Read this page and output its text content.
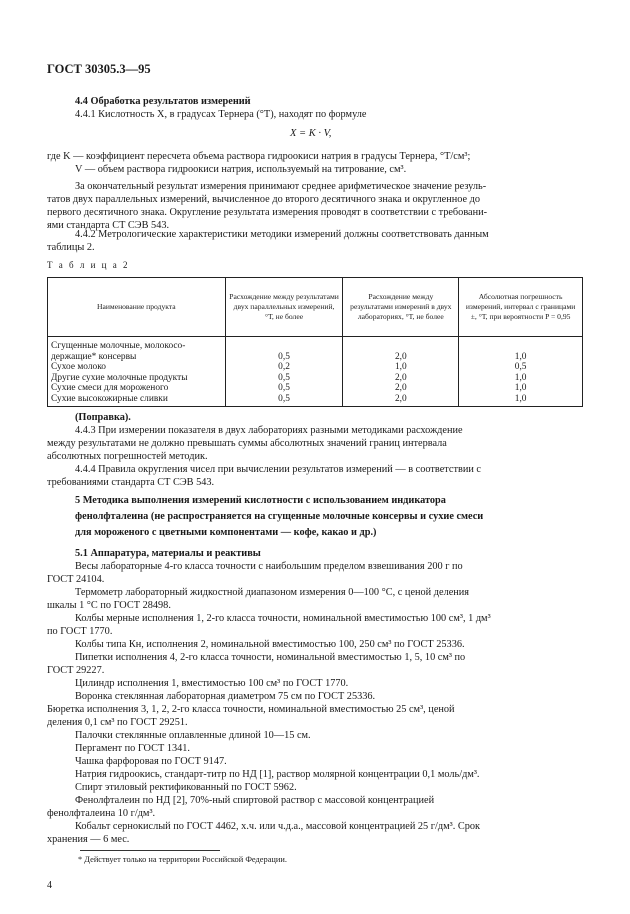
ГОСТ 30305.3—95
4.4 Обработка результатов измерений
4.4.1 Кислотность X, в градусах Тернера (°Т), находят по формуле
X = K · V,
где K — коэффициент пересчета объема раствора гидроокиси натрия в градусы Тернера, °Т/см³;
V — объем раствора гидроокиси натрия, используемый на титрование, см³.
За окончательный результат измерения принимают среднее арифметическое значение резуль-
татов двух параллельных измерений, вычисленное до второго десятичного знака и округленное до
первого десятичного знака. Округление результата измерения проводят в соответствии с требовани-
ями стандарта СТ СЭВ 543.
4.4.2 Метрологические характеристики методики измерений должны соответствовать данным
таблицы 2.
Т а б л и ц а 2
Наименование продукта	Расхождение между результатами двух параллельных измерений, °Т, не более	Расхождение между результатами измерений в двух лабораториях, °Т, не более	Абсолютная погрешность измерений, интервал с границами ±, °Т, при вероятности P = 0,95
Сгущенные молочные, молокосо-			
держащие* консервы	0,5	2,0	1,0
Сухое молоко	0,2	1,0	0,5
Другие сухие молочные продукты	0,5	2,0	1,0
Сухие смеси для мороженого	0,5	2,0	1,0
Сухие высокожирные сливки	0,5	2,0	1,0
(Поправка).
4.4.3 При измерении показателя в двух лабораториях разными методиками расхождение
между результатами не должно превышать суммы абсолютных значений границ интервала
абсолютных погрешностей методик.
4.4.4 Правила округления чисел при вычислении результатов измерений — в соответствии с
требованиями стандарта СТ СЭВ 543.
5 Методика выполнения измерений кислотности с использованием индикатора
фенолфталеина (не распространяется на сгущенные молочные консервы и сухие смеси
для мороженого с цветными компонентами — кофе, какао и др.)
5.1 Аппаратура, материалы и реактивы
Весы лабораторные 4-го класса точности с наибольшим пределом взвешивания 200 г по
ГОСТ 24104.
Термометр лабораторный жидкостной диапазоном измерения 0—100 °С, с ценой деления
шкалы 1 °С по ГОСТ 28498.
Колбы мерные исполнения 1, 2-го класса точности, номинальной вместимостью 100 см³, 1 дм³
по ГОСТ 1770.
Колбы типа Кн, исполнения 2, номинальной вместимостью 100, 250 см³ по ГОСТ 25336.
Пипетки исполнения 4, 2-го класса точности, номинальной вместимостью 1, 5, 10 см³ по
ГОСТ 29227.
Цилиндр исполнения 1, вместимостью 100 см³ по ГОСТ 1770.
Воронка стеклянная лабораторная диаметром 75 см по ГОСТ 25336.
Бюретка исполнения 3, 1, 2, 2-го класса точности, номинальной вместимостью 25 см³, ценой
деления 0,1 см³ по ГОСТ 29251.
Палочки стеклянные оплавленные длиной 10—15 см.
Пергамент по ГОСТ 1341.
Чашка фарфоровая по ГОСТ 9147.
Натрия гидроокись, стандарт-титр по НД [1], раствор молярной концентрации 0,1 моль/дм³.
Спирт этиловый ректификованный по ГОСТ 5962.
Фенолфталеин по НД [2], 70%-ный спиртовой раствор с массовой концентрацией
фенолфталеина 10 г/дм³.
Кобальт сернокислый по ГОСТ 4462, х.ч. или ч.д.а., массовой концентрацией 25 г/дм³. Срок
хранения — 6 мес.
* Действует только на территории Российской Федерации.
4
